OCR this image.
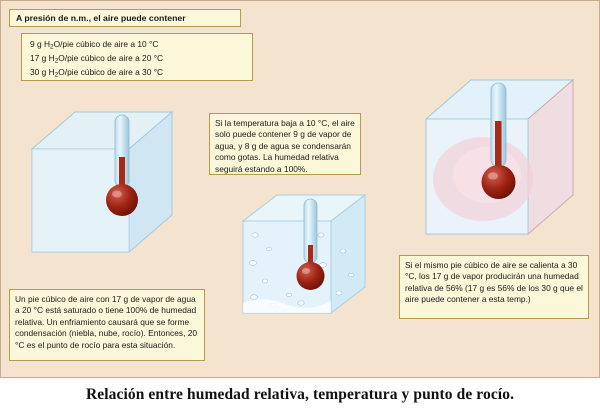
A presión de n.m., el aire puede contener

9 g $H_2O$/pie cúbico de aire a 10 °C

17 g $H_2O$/pie cúbico de aire a 20 °C

30 g $H_2O$/pie cúbico de aire a 30 °C

Si la temperatura baja a 10 °C, el aire solo puede contener 9 g de vapor de agua, y 8 g de agua se condensarán como gotas. La humedad relativa seguirá estando a 100%.

Un pie cúbico de aire con 17 g de vapor de agua a 20 °C está saturado o tiene 100% de humedad relativa. Un enfriamiento causará que se forme condensación (niebla, nube, rocío). Entonces, 20 °C es el punto de rocío para esta situación.

Si el mismo pie cúbico de aire se calienta a 30 °C, los 17 g de vapor producirán una humedad relativa de 56% (17 g es 56% de los 30 g que el aire puede contener a esta temp.)

Relación entre humedad relativa, temperatura y punto de rocío.
